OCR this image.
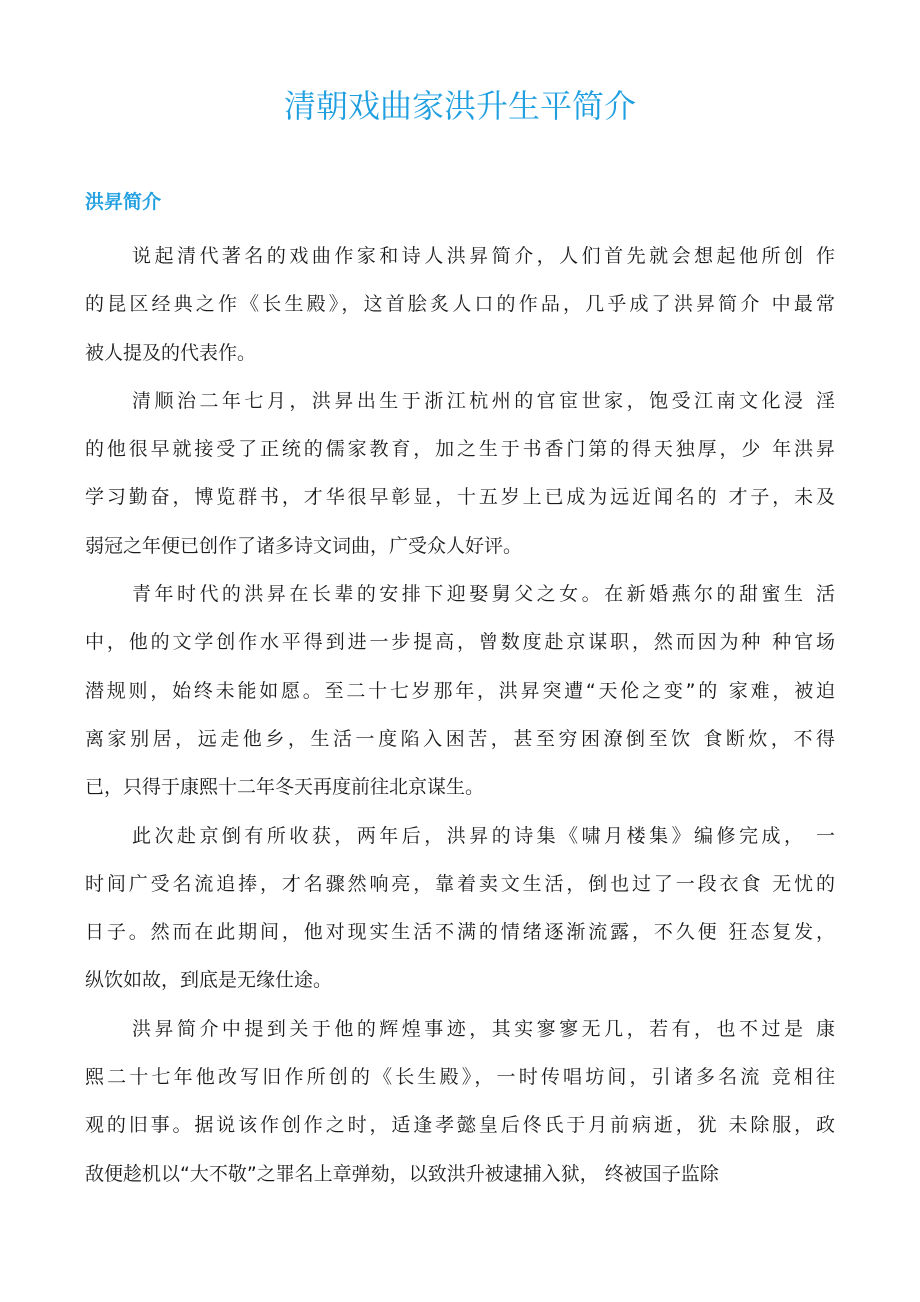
清朝戏曲家洪升生平简介
洪昇简介

说起清代著名的戏曲作家和诗人洪昇简介，人们首先就会想起他所创 作
的昆区经典之作《长生殿》，这首脍炙人口的作品，几乎成了洪昇简介 中最常
被人提及的代表作。

清顺治二年七月，洪昇出生于浙江杭州的官宦世家，饱受江南文化浸 淫
的他很早就接受了正统的儒家教育，加之生于书香门第的得天独厚，少 年洪昇
学习勤奋，博览群书，才华很早彰显，十五岁上已成为远近闻名的 才子，未及
弱冠之年便已创作了诸多诗文词曲，广受众人好评。

青年时代的洪昇在长辈的安排下迎娶舅父之女。在新婚燕尔的甜蜜生 活
中，他的文学创作水平得到进一步提高，曾数度赴京谋职，然而因为种 种官场
潜规则，始终未能如愿。至二十七岁那年，洪昇突遭“天伦之变”的 家难，被迫
离家别居，远走他乡，生活一度陷入困苦，甚至穷困潦倒至饮 食断炊，不得
已，只得于康熙十二年冬天再度前往北京谋生。

此次赴京倒有所收获，两年后，洪昇的诗集《啸月楼集》编修完成， 一
时间广受名流追捧，才名骤然响亮，靠着卖文生活，倒也过了一段衣食 无忧的
日子。然而在此期间，他对现实生活不满的情绪逐渐流露，不久便 狂态复发，
纵饮如故，到底是无缘仕途。

洪昇简介中提到关于他的辉煌事迹，其实寥寥无几，若有，也不过是 康
熙二十七年他改写旧作所创的《长生殿》，一时传唱坊间，引诸多名流 竞相往
观的旧事。据说该作创作之时，适逢孝懿皇后佟氏于月前病逝，犹 未除服，政
敌便趁机以“大不敬”之罪名上章弹劾，以致洪升被逮捕入狱， 终被国子监除
